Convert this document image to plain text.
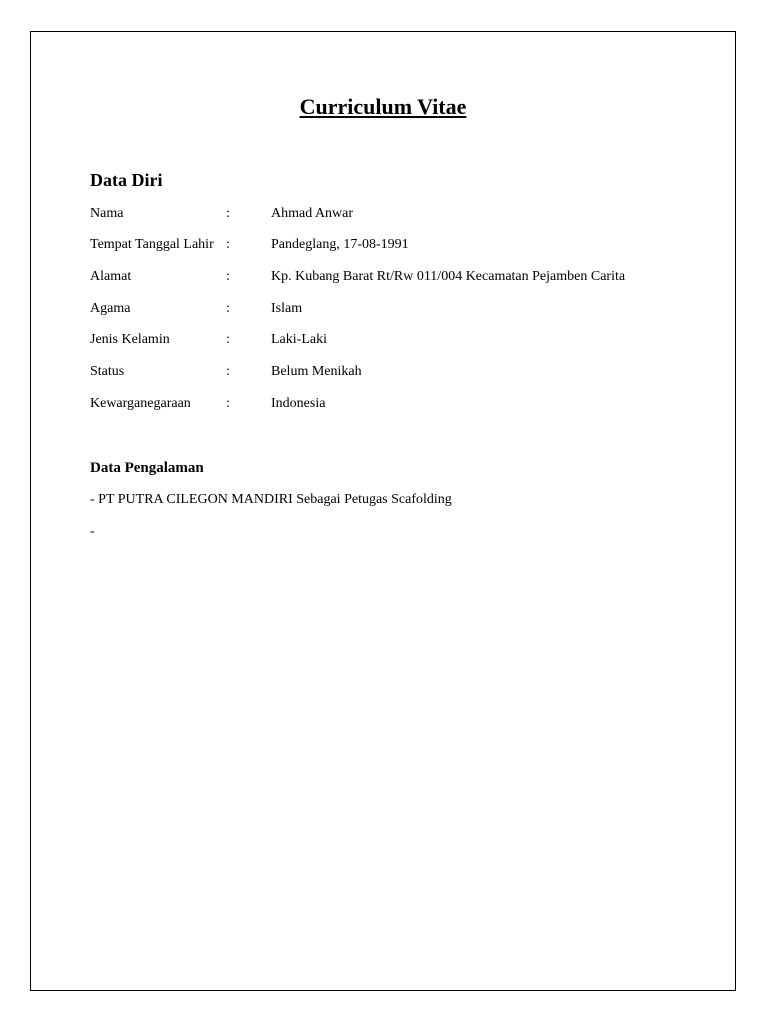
Curriculum Vitae
Data Diri
Nama	:	Ahmad Anwar
Tempat Tanggal Lahir :	Pandeglang, 17-08-1991
Alamat	:	Kp. Kubang Barat Rt/Rw 011/004 Kecamatan Pejamben Carita
Agama	:	Islam
Jenis Kelamin	:	Laki-Laki
Status	:	Belum Menikah
Kewarganegaraan	:	Indonesia
Data Pengalaman
- PT PUTRA CILEGON MANDIRI Sebagai Petugas Scafolding
-
